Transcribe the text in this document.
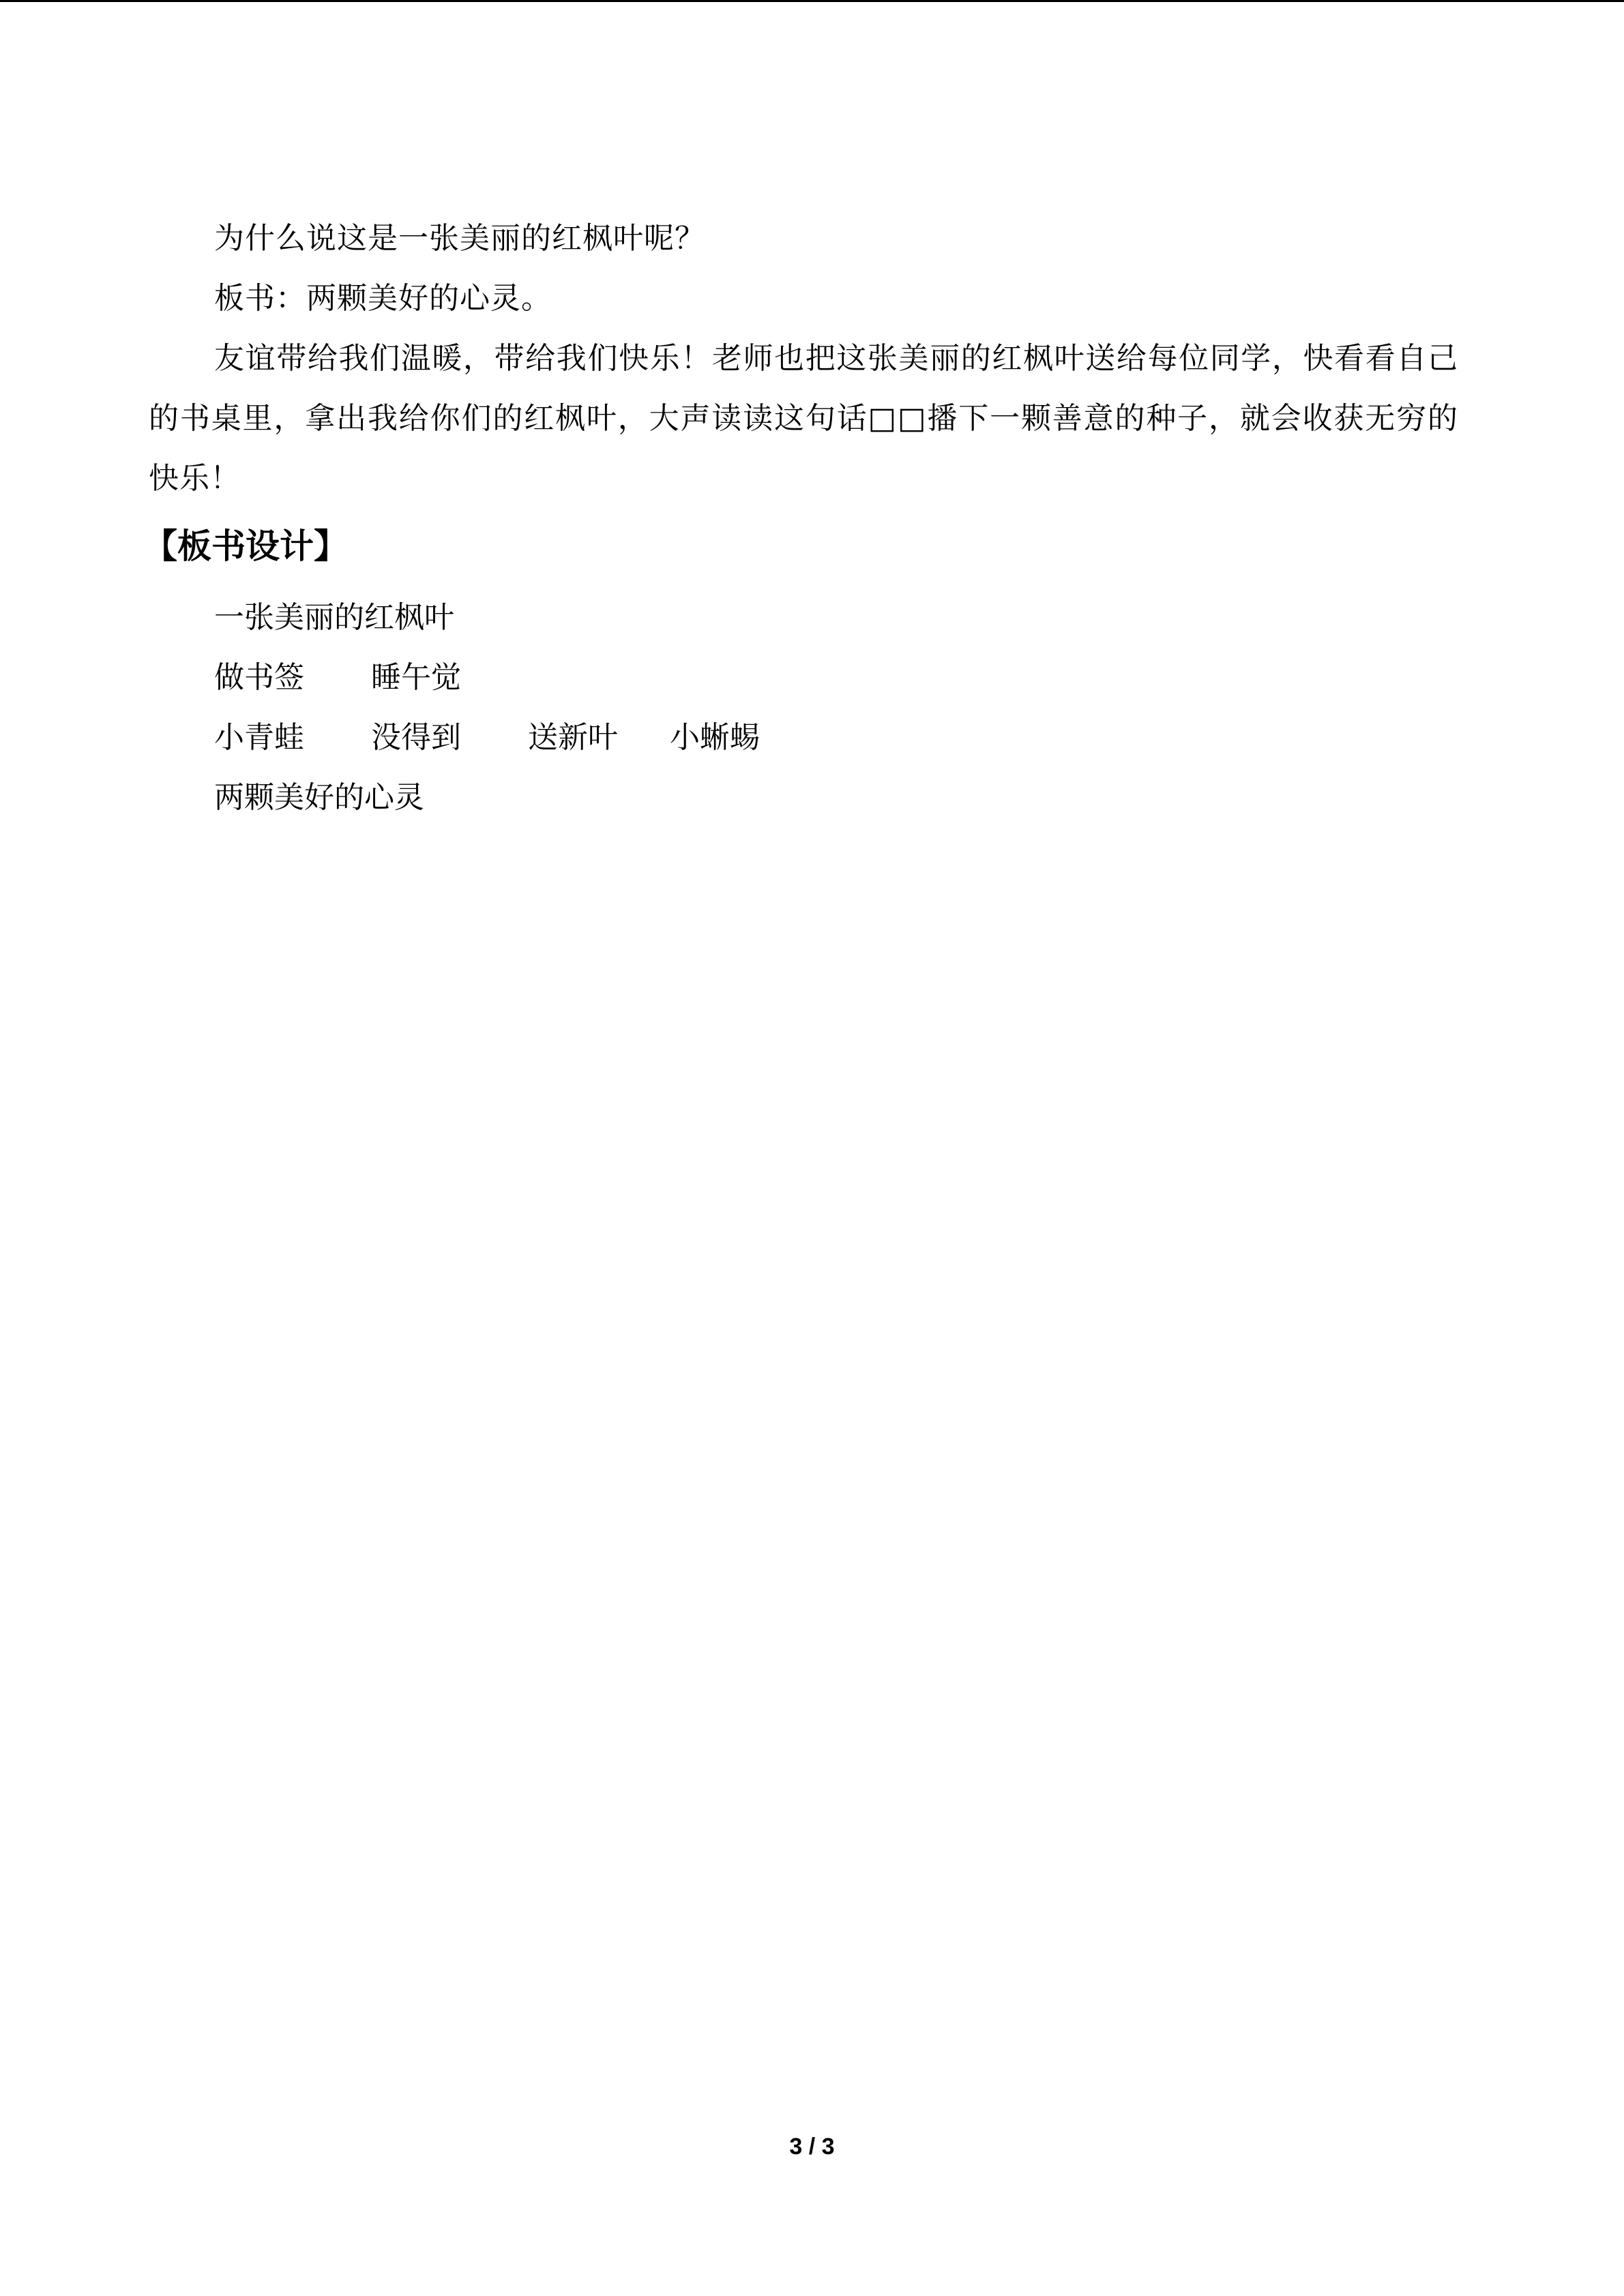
为什么说这是一张美丽的红枫叶呢？

板书：两颗美好的心灵。

友谊带给我们温暖，带给我们快乐！老师也把这张美丽的红枫叶送给每位同学，快看看自己的书桌里，拿出我给你们的红枫叶，大声读读这句话□□播下一颗善意的种子，就会收获无穷的快乐！

【板书设计】

一张美丽的红枫叶

做书签 睡午觉

小青蛙 没得到 送新叶 小蜥蜴

两颗美好的心灵

3 / 3
